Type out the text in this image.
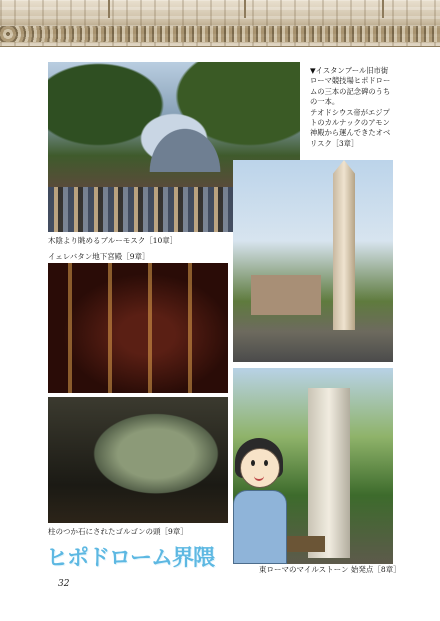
木陰より眺めるブルーモスク［10章］
▼イスタンブール旧市街
ローマ競技場ヒポドロー
ムの三本の記念碑のうち
の一本。
テオドシウス帝がエジプ
トのカルナックのアモン
神殿から運んできたオベ
リスク［3章］
イェレバタン地下宮殿［9章］
柱のつか石にされたゴルゴンの頭［9章］
東ローマのマイルストーン 始発点［8章］
ヒポドローム界隈
32
